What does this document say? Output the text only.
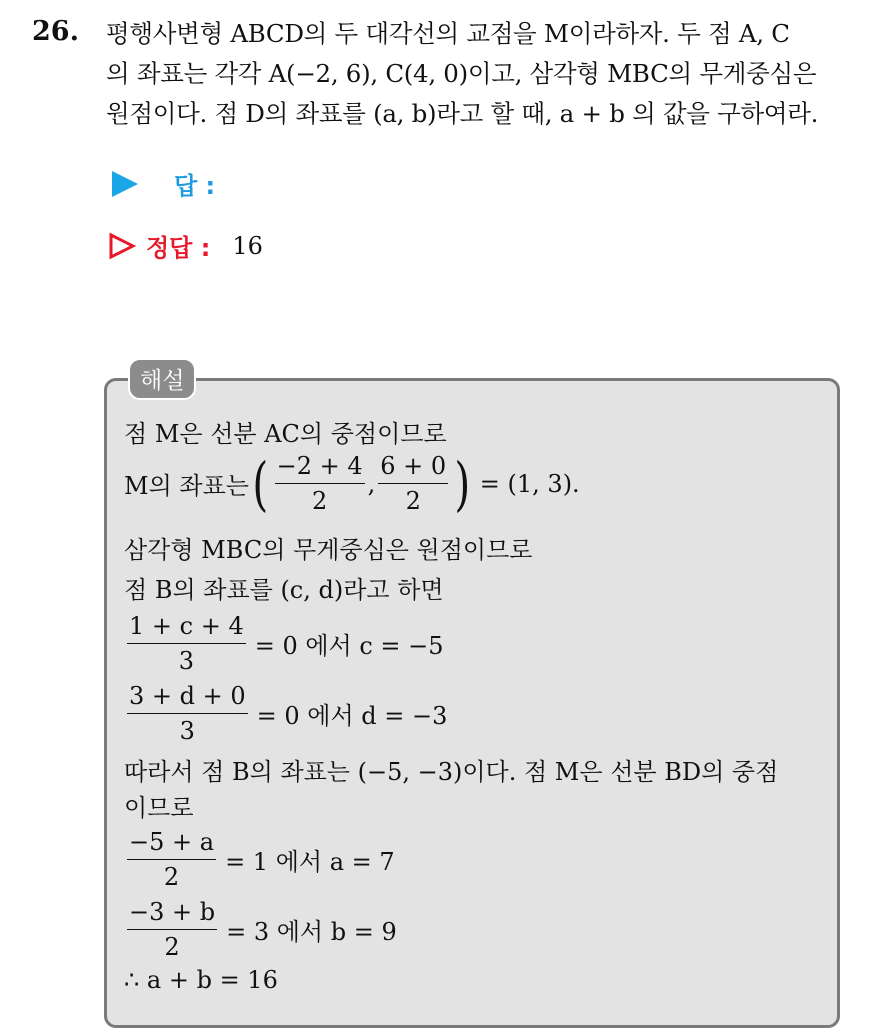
26. 평행사변형 ABCD의 두 대각선의 교점을 M이라하자. 두 점 A, C
의 좌표는 각각 A(−2, 6), C(4, 0)이고, 삼각형 MBC의 무게중심은
원점이다. 점 D의 좌표를 (a, b)라고 할 때, a + b 의 값을 구하여라.
답 :
정답 : 16
해설
점 M은 선분 AC의 중점이므로
M의 좌표는 ( $\frac{-2 + 4}{2}$ , $\frac{6 + 0}{2}$ ) = (1, 3).
삼각형 MBC의 무게중심은 원점이므로
점 B의 좌표를 (c, d)라고 하면
$\frac{1 + c + 4}{3} = 0$ 에서 c = −5
$\frac{3 + d + 0}{3} = 0$ 에서 d = −3
따라서 점 B의 좌표는 (−5, −3)이다. 점 M은 선분 BD의 중점
이므로
$\frac{-5 + a}{2} = 1$ 에서 a = 7
$\frac{-3 + b}{2} = 3$ 에서 b = 9
∴ a + b = 16
